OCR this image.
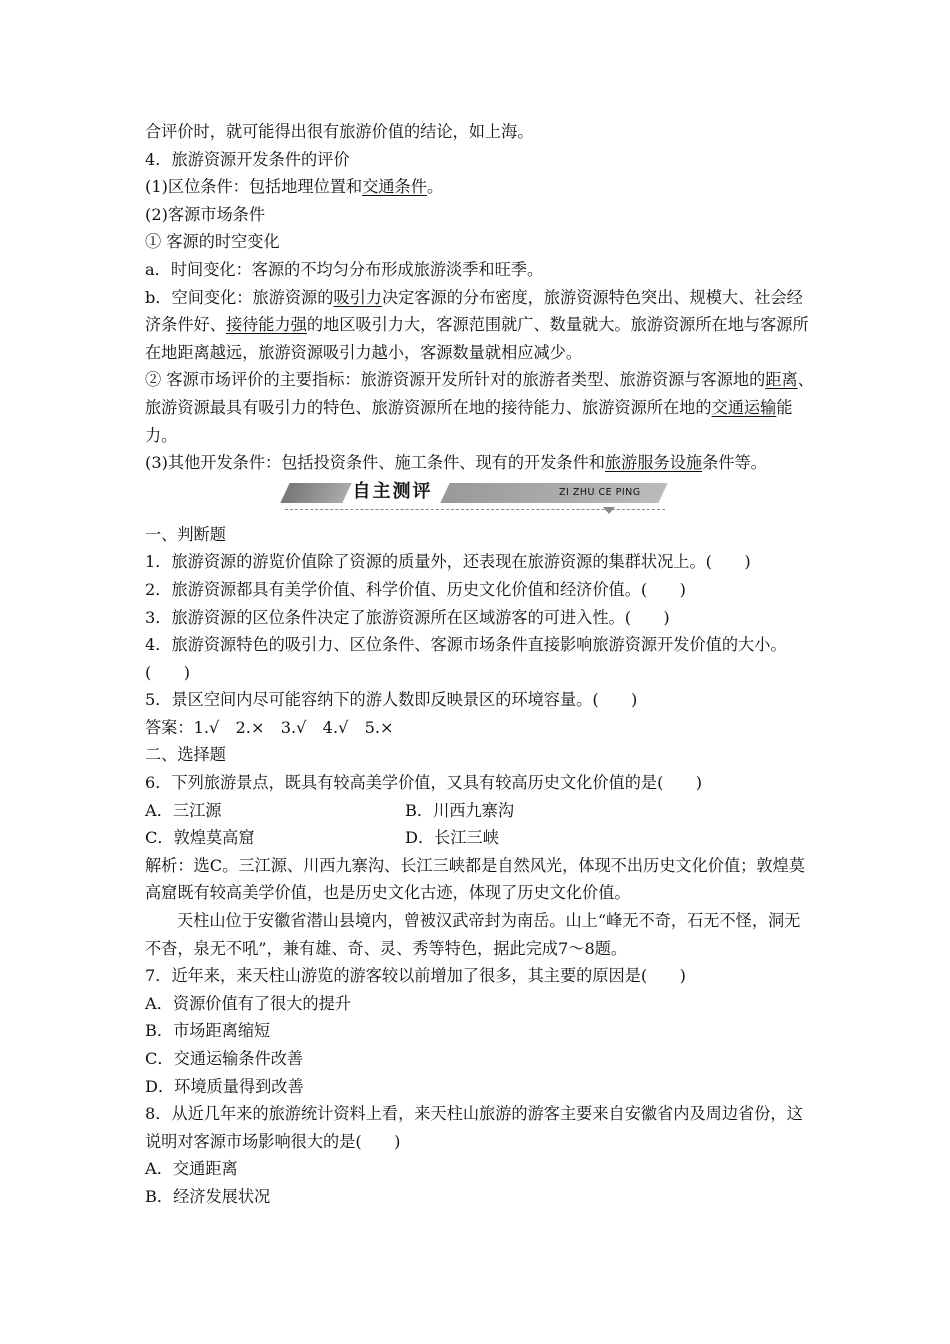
合评价时，就可能得出很有旅游价值的结论，如上海。
4．旅游资源开发条件的评价
(1)区位条件：包括地理位置和交通条件。
(2)客源市场条件
① 客源的时空变化
a．时间变化：客源的不均匀分布形成旅游淡季和旺季。
b．空间变化：旅游资源的吸引力决定客源的分布密度，旅游资源特色突出、规模大、社会经济条件好、接待能力强的地区吸引力大，客源范围就广、数量就大。旅游资源所在地与客源所在地距离越远，旅游资源吸引力越小，客源数量就相应减少。
② 客源市场评价的主要指标：旅游资源开发所针对的旅游者类型、旅游资源与客源地的距离、旅游资源最具有吸引力的特色、旅游资源所在地的接待能力、旅游资源所在地的交通运输能力。
(3)其他开发条件：包括投资条件、施工条件、现有的开发条件和旅游服务设施条件等。
自主测评	ZI ZHU CE PING
一、判断题
1．旅游资源的游览价值除了资源的质量外，还表现在旅游资源的集群状况上。(　　)
2．旅游资源都具有美学价值、科学价值、历史文化价值和经济价值。(　　)
3．旅游资源的区位条件决定了旅游资源所在区域游客的可进入性。(　　)
4．旅游资源特色的吸引力、区位条件、客源市场条件直接影响旅游资源开发价值的大小。(　　)
5．景区空间内尽可能容纳下的游人数即反映景区的环境容量。(　　)
答案：1.√　2.×　3.√　4.√　5.×
二、选择题
6．下列旅游景点，既具有较高美学价值，又具有较高历史文化价值的是(　　)
A．三江源	B．川西九寨沟
C．敦煌莫高窟	D．长江三峡
解析：选C。三江源、川西九寨沟、长江三峡都是自然风光，体现不出历史文化价值；敦煌莫高窟既有较高美学价值，也是历史文化古迹，体现了历史文化价值。
天柱山位于安徽省潜山县境内，曾被汉武帝封为南岳。山上“峰无不奇，石无不怪，洞无不杳，泉无不吼”，兼有雄、奇、灵、秀等特色，据此完成7～8题。
7．近年来，来天柱山游览的游客较以前增加了很多，其主要的原因是(　　)
A．资源价值有了很大的提升
B．市场距离缩短
C．交通运输条件改善
D．环境质量得到改善
8．从近几年来的旅游统计资料上看，来天柱山旅游的游客主要来自安徽省内及周边省份，这说明对客源市场影响很大的是(　　)
A．交通距离
B．经济发展状况
